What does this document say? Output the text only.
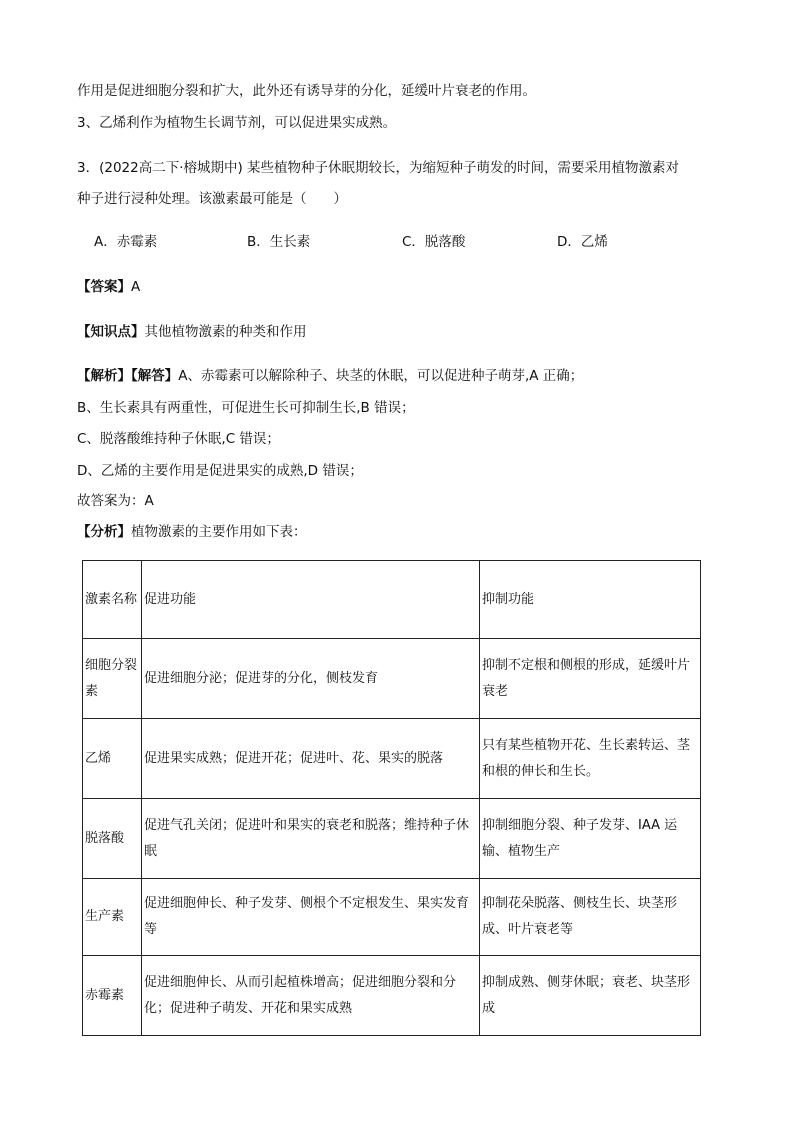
作用是促进细胞分裂和扩大，此外还有诱导芽的分化，延缓叶片衰老的作用。
3、乙烯利作为植物生长调节剂，可以促进果实成熟。
3．(2022高二下·榕城期中) 某些植物种子休眠期较长，为缩短种子萌发的时间，需要采用植物激素对
种子进行浸种处理。该激素最可能是（　　）
A．赤霉素	B．生长素	C．脱落酸	D．乙烯
【答案】A
【知识点】其他植物激素的种类和作用
【解析】【解答】A、赤霉素可以解除种子、块茎的休眠，可以促进种子萌芽,A 正确；
B、生长素具有两重性，可促进生长可抑制生长,B 错误；
C、脱落酸维持种子休眠,C 错误；
D、乙烯的主要作用是促进果实的成熟,D 错误；
故答案为：A
【分析】植物激素的主要作用如下表：
激素名称	促进功能	抑制功能

细胞分裂素	促进细胞分泌；促进芽的分化，侧枝发育	抑制不定根和侧根的形成，延缓叶片衰老

乙烯	促进果实成熟；促进开花；促进叶、花、果实的脱落	只有某些植物开花、生长素转运、茎和根的伸长和生长。

脱落酸	促进气孔关闭；促进叶和果实的衰老和脱落；维持种子休眠	抑制细胞分裂、种子发芽、IAA 运输、植物生产

生产素	促进细胞伸长、种子发芽、侧根个不定根发生、果实发育等	抑制花朵脱落、侧枝生长、块茎形成、叶片衰老等

赤霉素	促进细胞伸长、从而引起植株增高；促进细胞分裂和分化；促进种子萌发、开花和果实成熟	抑制成熟、侧芽休眠；衰老、块茎形成
